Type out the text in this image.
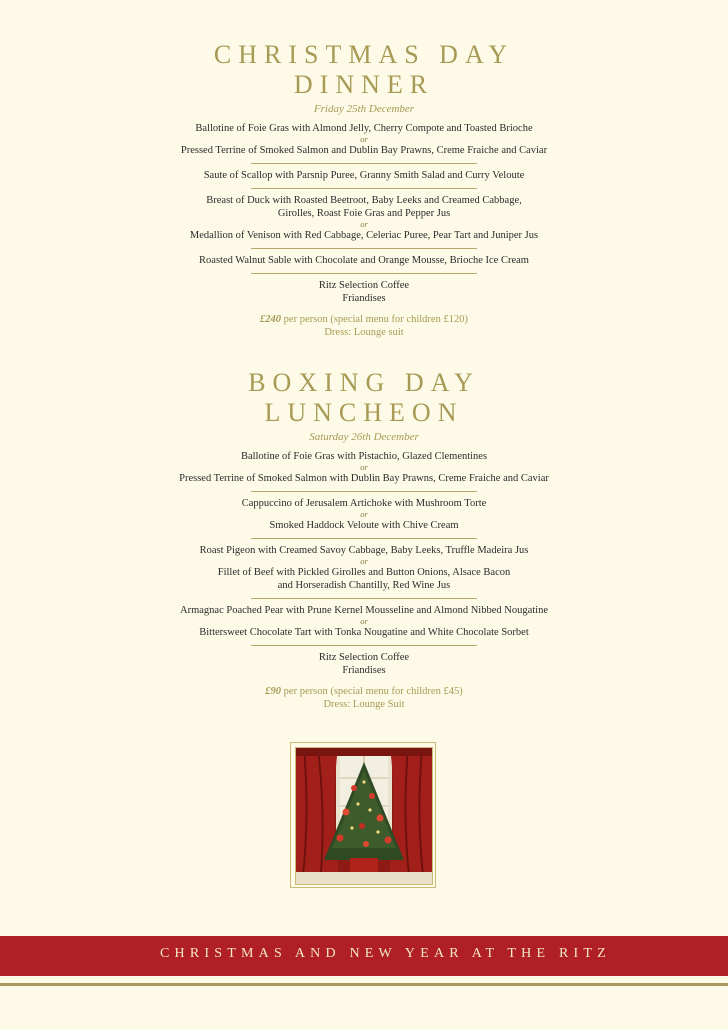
CHRISTMAS DAY
DINNER
Friday 25th December
Ballotine of Foie Gras with Almond Jelly, Cherry Compote and Toasted Brioche
or
Pressed Terrine of Smoked Salmon and Dublin Bay Prawns, Creme Fraiche and Caviar
Saute of Scallop with Parsnip Puree, Granny Smith Salad and Curry Veloute
Breast of Duck with Roasted Beetroot, Baby Leeks and Creamed Cabbage,
Girolles, Roast Foie Gras and Pepper Jus
or
Medallion of Venison with Red Cabbage, Celeriac Puree, Pear Tart and Juniper Jus
Roasted Walnut Sable with Chocolate and Orange Mousse, Brioche Ice Cream
Ritz Selection Coffee
Friandises
£240 per person (special menu for children £120)
Dress: Lounge suit
BOXING DAY
LUNCHEON
Saturday 26th December
Ballotine of Foie Gras with Pistachio, Glazed Clementines
or
Pressed Terrine of Smoked Salmon with Dublin Bay Prawns, Creme Fraiche and Caviar
Cappuccino of Jerusalem Artichoke with Mushroom Torte
or
Smoked Haddock Veloute with Chive Cream
Roast Pigeon with Creamed Savoy Cabbage, Baby Leeks, Truffle Madeira Jus
or
Fillet of Beef with Pickled Girolles and Button Onions, Alsace Bacon
and Horseradish Chantilly, Red Wine Jus
Armagnac Poached Pear with Prune Kernel Mousseline and Almond Nibbed Nougatine
or
Bittersweet Chocolate Tart with Tonka Nougatine and White Chocolate Sorbet
Ritz Selection Coffee
Friandises
£90 per person (special menu for children £45)
Dress: Lounge Suit
CHRISTMAS AND NEW YEAR AT THE RITZ
